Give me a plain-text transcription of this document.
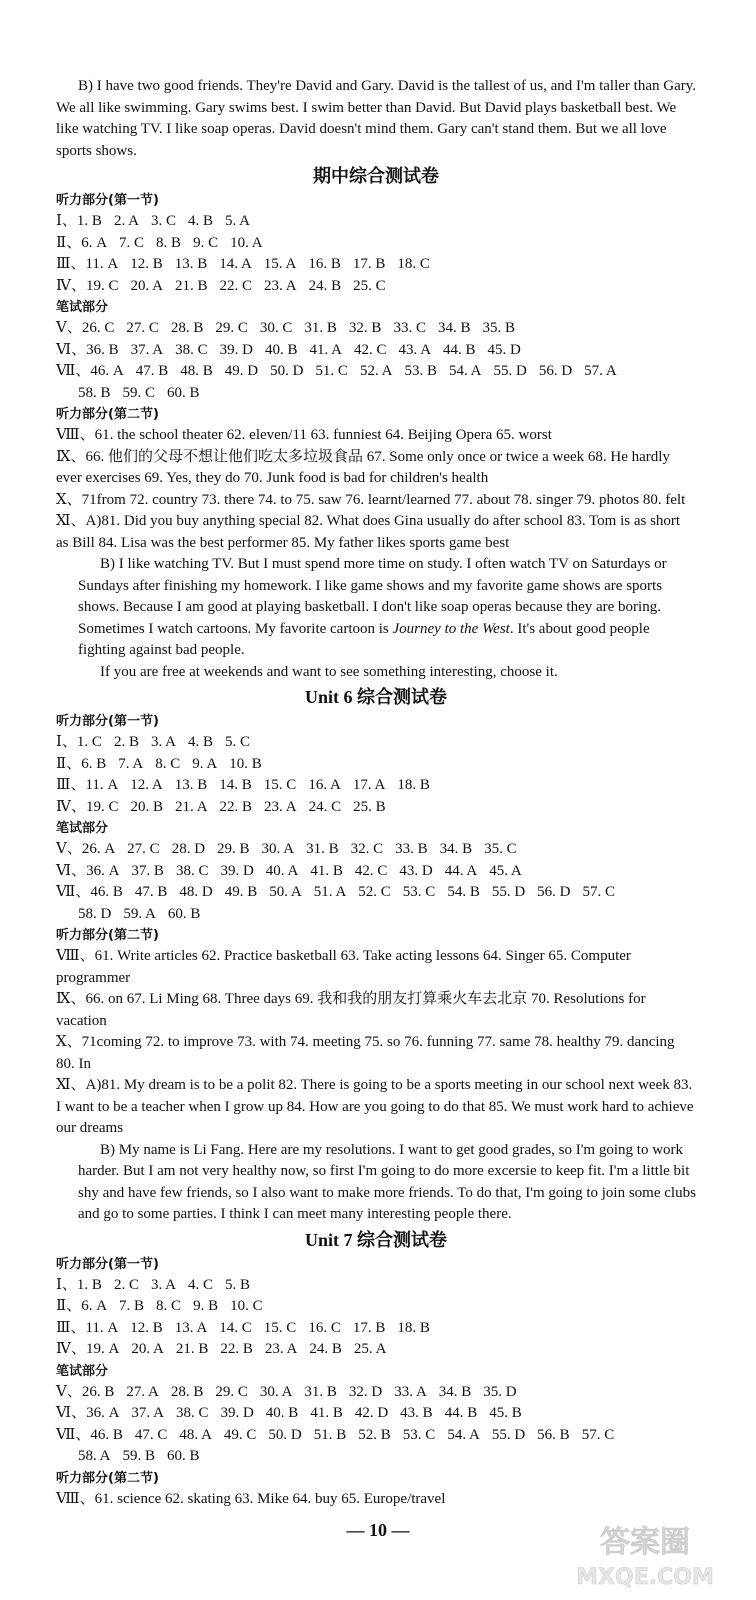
B) I have two good friends. They're David and Gary. David is the tallest of us, and I'm taller than Gary. We all like swimming. Gary swims best. I swim better than David. But David plays basketball best. We like watching TV. I like soap operas. David doesn't mind them. Gary can't stand them. But we all love sports shows.
期中综合测试卷
听力部分(第一节)
Ⅰ、1. B 2. A 3. C 4. B 5. A
Ⅱ、6. A 7. C 8. B 9. C 10. A
Ⅲ、11. A 12. B 13. B 14. A 15. A 16. B 17. B 18. C
Ⅳ、19. C 20. A 21. B 22. C 23. A 24. B 25. C
笔试部分
Ⅴ、26. C 27. C 28. B 29. C 30. C 31. B 32. B 33. C 34. B 35. B
Ⅵ、36. B 37. A 38. C 39. D 40. B 41. A 42. C 43. A 44. B 45. D
Ⅶ、46. A 47. B 48. B 49. D 50. D 51. C 52. A 53. B 54. A 55. D 56. D 57. A
58. B 59. C 60. B
听力部分(第二节)
Ⅷ、61. the school theater 62. eleven/11 63. funniest 64. Beijing Opera 65. worst
Ⅸ、66. 他们的父母不想让他们吃太多垃圾食品 67. Some only once or twice a week 68. He hardly ever exercises 69. Yes, they do 70. Junk food is bad for children's health
Ⅹ、71from 72. country 73. there 74. to 75. saw 76. learnt/learned 77. about 78. singer 79. photos 80. felt
Ⅺ、A)81. Did you buy anything special 82. What does Gina usually do after school 83. Tom is as short as Bill 84. Lisa was the best performer 85. My father likes sports game best
B) I like watching TV. But I must spend more time on study. I often watch TV on Saturdays or Sundays after finishing my homework. I like game shows and my favorite game shows are sports shows. Because I am good at playing basketball. I don't like soap operas because they are boring. Sometimes I watch cartoons. My favorite cartoon is Journey to the West. It's about good people fighting against bad people.
If you are free at weekends and want to see something interesting, choose it.
Unit 6 综合测试卷
听力部分(第一节)
Ⅰ、1. C 2. B 3. A 4. B 5. C
Ⅱ、6. B 7. A 8. C 9. A 10. B
Ⅲ、11. A 12. A 13. B 14. B 15. C 16. A 17. A 18. B
Ⅳ、19. C 20. B 21. A 22. B 23. A 24. C 25. B
笔试部分
Ⅴ、26. A 27. C 28. D 29. B 30. A 31. B 32. C 33. B 34. B 35. C
Ⅵ、36. A 37. B 38. C 39. D 40. A 41. B 42. C 43. D 44. A 45. A
Ⅶ、46. B 47. B 48. D 49. B 50. A 51. A 52. C 53. C 54. B 55. D 56. D 57. C
58. D 59. A 60. B
听力部分(第二节)
Ⅷ、61. Write articles 62. Practice basketball 63. Take acting lessons 64. Singer 65. Computer programmer
Ⅸ、66. on 67. Li Ming 68. Three days 69. 我和我的朋友打算乘火车去北京 70. Resolutions for vacation
Ⅹ、71coming 72. to improve 73. with 74. meeting 75. so 76. funning 77. same 78. healthy 79. dancing 80. In
Ⅺ、A)81. My dream is to be a polit 82. There is going to be a sports meeting in our school next week 83. I want to be a teacher when I grow up 84. How are you going to do that 85. We must work hard to achieve our dreams
B) My name is Li Fang. Here are my resolutions. I want to get good grades, so I'm going to work harder. But I am not very healthy now, so first I'm going to do more excersie to keep fit. I'm a little bit shy and have few friends, so I also want to make more friends. To do that, I'm going to join some clubs and go to some parties. I think I can meet many interesting people there.
Unit 7 综合测试卷
听力部分(第一节)
Ⅰ、1. B 2. C 3. A 4. C 5. B
Ⅱ、6. A 7. B 8. C 9. B 10. C
Ⅲ、11. A 12. B 13. A 14. C 15. C 16. C 17. B 18. B
Ⅳ、19. A 20. A 21. B 22. B 23. A 24. B 25. A
笔试部分
Ⅴ、26. B 27. A 28. B 29. C 30. A 31. B 32. D 33. A 34. B 35. D
Ⅵ、36. A 37. A 38. C 39. D 40. B 41. B 42. D 43. B 44. B 45. B
Ⅶ、46. B 47. C 48. A 49. C 50. D 51. B 52. B 53. C 54. A 55. D 56. B 57. C
58. A 59. B 60. B
听力部分(第二节)
Ⅷ、61. science 62. skating 63. Mike 64. buy 65. Europe/travel
— 10 —	答案圈
MXQE.COM
